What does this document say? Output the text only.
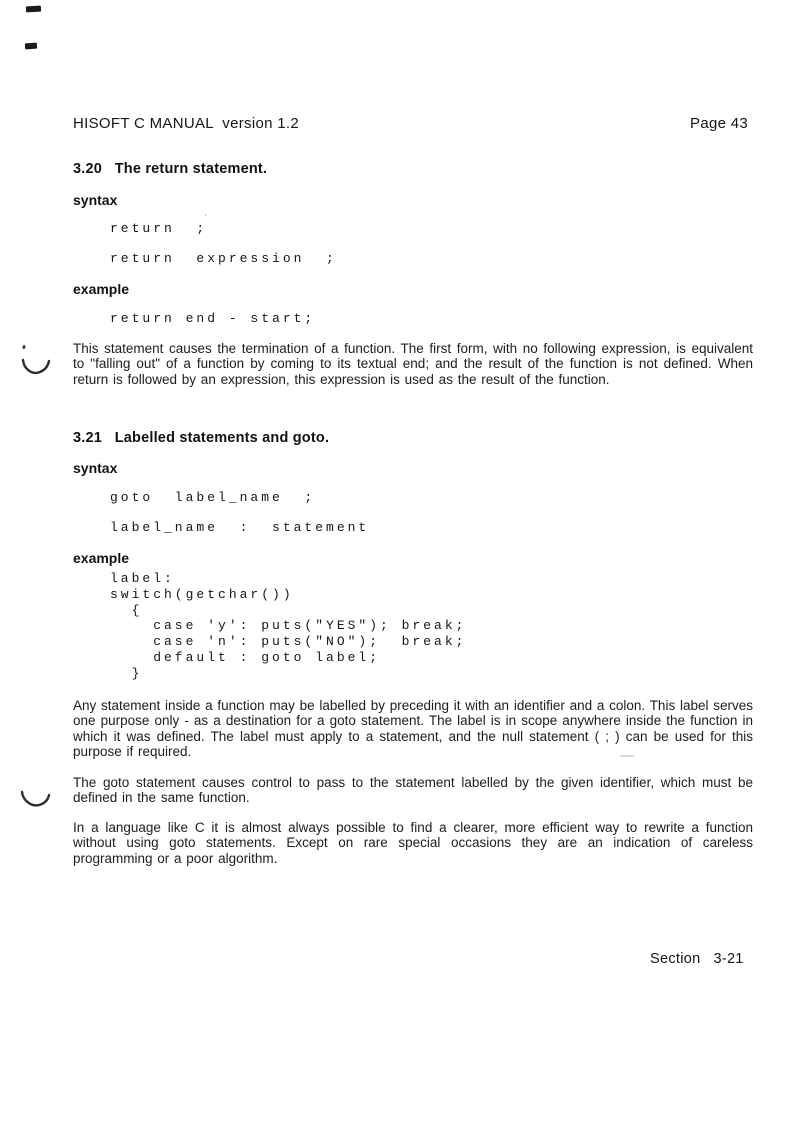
HISOFT C MANUAL  version 1.2	Page 43
3.20   The return statement.
syntax
'
return  ;
return  expression  ;
example
return end - start;
This statement causes the termination of a function. The first form, with no following expression, is equivalent to "falling out" of a function by coming to its textual end; and the result of the function is not defined. When return is followed by an expression, this expression is used as the result of the function.
3.21   Labelled statements and goto.
syntax
goto  label_name  ;
label_name  :  statement
example
label:
switch(getchar())
{
case 'y': puts("YES"); break;
case 'n': puts("NO");  break;
default : goto label;
}
Any statement inside a function may be labelled by preceding it with an identifier and a colon. This label serves one purpose only - as a destination for a goto statement. The label is in scope anywhere inside the function in which it was defined. The label must apply to a statement, and the null statement ( ; ) can be used for this purpose if required.
The goto statement causes control to pass to the statement labelled by the given identifier, which must be defined in the same function.
In a language like C it is almost always possible to find a clearer, more efficient way to rewrite a function without using goto statements. Except on rare special occasions they are an indication of careless programming or a poor algorithm.
Section   3-21
